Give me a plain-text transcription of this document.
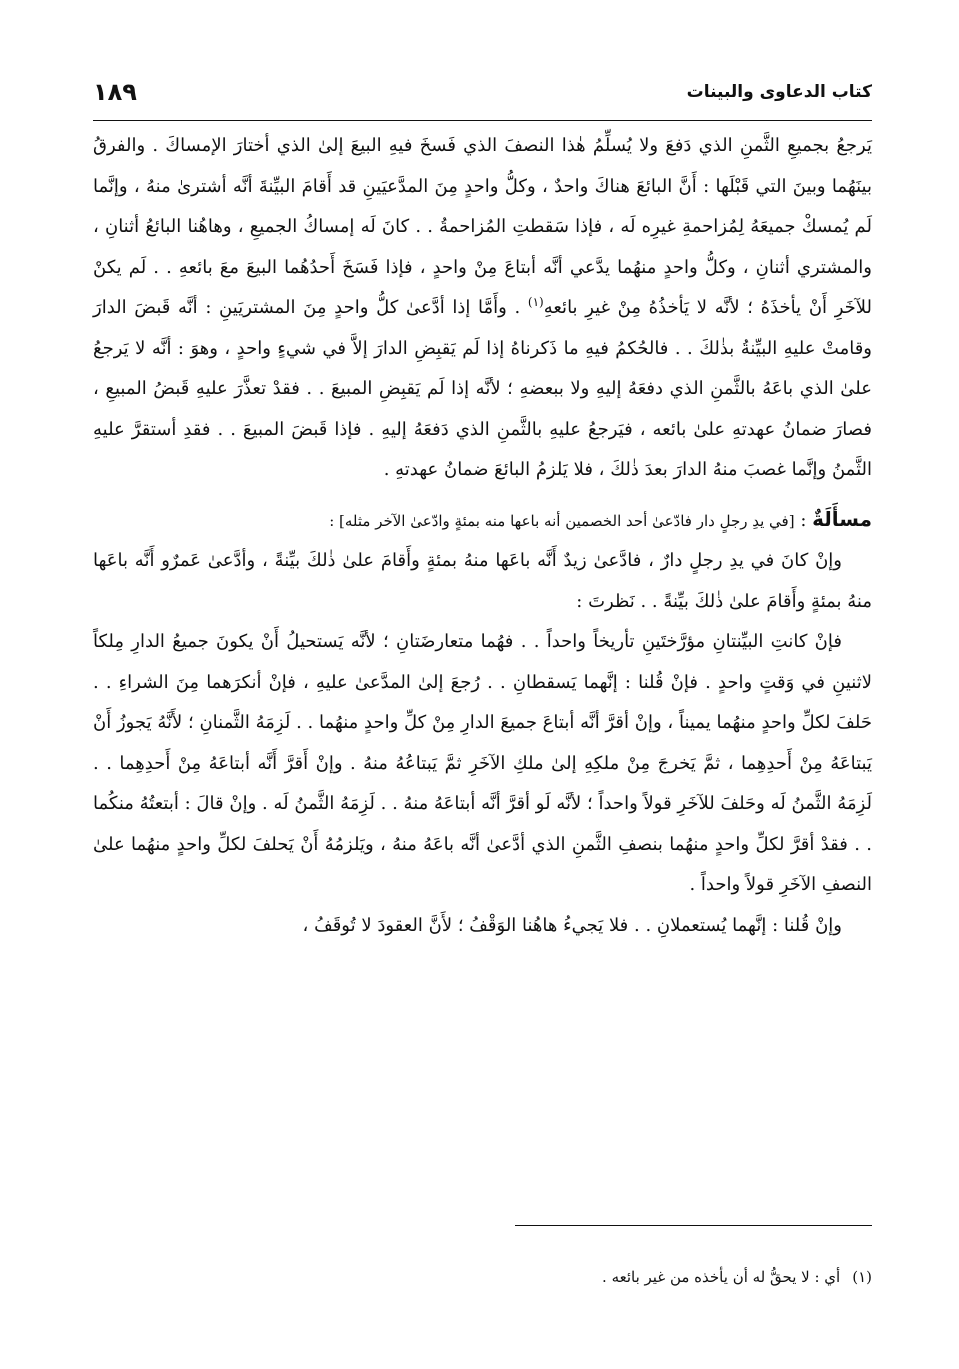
كتاب الدعاوى والبينات
١٨٩

يَرجعُ بجميعِ الثَّمنِ الذي دَفعَ ولا يُسلِّمُ هٰذا النصفَ الذي فَسخَ فيهِ البيعَ إلىٰ الذي أختارَ الإمساكَ . والفرقُ بينَهُما وبينَ التي قَبْلَها : أَنَّ البائعَ هناكَ واحدٌ ، وكلُّ واحدٍ مِنَ المدَّعيَينِ قد أَقامَ البيِّنةَ أنَّه أشترىٰ منهُ ، وإنَّما لَم يُمسكْ جميعَهُ لِمُزاحمةِ غيرِه لَه ، فإذا سَقطتِ المُزاحمةُ . . كانَ لَه إمساكُ الجميعِ ، وهاهُنا البائعُ أثنانِ ، والمشتري أثنانِ ، وكلُّ واحدٍ منهُما يدَّعي أنَّه أبتاعَ مِنْ واحدٍ ، فإذا فَسَخَ أَحدُهُما البيعَ معَ بائعهِ . . لَم يكنْ للآخَرِ أَنْ يأخذَهُ ؛ لأنَّه لا يَأخذُهُ مِنْ غيرِ بائعهِ$^{(١)}$ . وأَمَّا إذا أدَّعىٰ كلُّ واحدٍ مِنَ المشتريَينِ : أنَّه قَبضَ الدارَ وقامتْ عليهِ البيِّنةُ بذٰلكَ . . فالحُكمُ فيهِ ما ذَكرناهُ إذا لَم يَقبِضِ الدارَ إلاَّ في شيءٍ واحدٍ ، وهوَ : أنَّه لا يَرجعُ علىٰ الذي باعَهُ بالثَّمنِ الذي دفعَهُ إليهِ ولا ببعضهِ ؛ لأنَّه إذا لَم يَقبِضِ المبيعَ . . فقدْ تعذَّرَ عليهِ قَبضُ المبيعِ ، فصارَ ضمانُ عهدتهِ علىٰ بائعه ، فيَرجعُ عليهِ بالثَّمنِ الذي دَفعَهُ إليهِ . فإذا قَبضَ المبيعَ . . فقدِ أستقرَّ عليهِ الثَّمنُ وإنَّما غصبَ منهُ الدارَ بعدَ ذٰلكَ ، فلا يَلزمُ البائعَ ضمانُ عهدتهِ .

مسأَلَةٌ : [في يدِ رجلٍ دار فادّعىٰ أحد الخصمين أنه باعها منه بمئةٍ وادّعىٰ الآخر مثله] :

وإنْ كانَ في يدِ رجلٍ دارٌ ، فادَّعىٰ زيدٌ أَنَّه باعَها منهُ بمئةٍ وأَقامَ علىٰ ذٰلكَ بيِّنةً ، وأدَّعىٰ عَمرٌو أَنَّه باعَها منهُ بمئةٍ وأَقامَ علىٰ ذٰلكَ بيِّنةً . . نَظرتَ :

فإنْ كانتِ البيِّنتانِ مؤرَّختَينِ تأريخاً واحداً . . فهُما متعارضَتانِ ؛ لأنَّه يَستحيلُ أَنْ يكونَ جميعُ الدارِ مِلكاً لاثنينِ في وَقتٍ واحدٍ . فإنْ قُلنا : إنَّهما يَسقطانِ . . رُجعَ إلىٰ المدَّعىٰ عليهِ ، فإنْ أنكرَهما مِنَ الشراءِ . . حَلفَ لكلِّ واحدٍ منهُما يميناً ، وإنْ أقرَّ أنَّه أبتاعَ جميعَ الدارِ مِنْ كلِّ واحدٍ منهُما . . لَزِمَهُ الثَّمنانِ ؛ لأَنَّهُ يَجوزُ أَنْ يَبتاعَهُ مِنْ أَحدِهِما ، ثمَّ يَخرجَ مِنْ ملكِهِ إلىٰ ملكِ الآخَرِ ثمَّ يَبتاعُهُ منهُ . وإنْ أَقرَّ أَنَّه أبتاعَهُ مِنْ أَحدِهِما . . لَزِمَهُ الثَّمنُ لَه وحَلفَ للآخَرِ قولاً واحداً ؛ لأنَّه لَو أقرَّ أنَّه أبتاعَهُ منهُ . . لَزِمَهُ الثَّمنُ لَه . وإنْ قالَ : أبتعتُهُ منكُما . . فقدْ أقرَّ لكلِّ واحدٍ منهُما بنصفِ الثَّمنِ الذي أدَّعىٰ أنَّه باعَهُ منهُ ، ويَلزمُهُ أَنْ يَحلفَ لكلِّ واحدٍ منهُما علىٰ النصفِ الآخَرِ قولاً واحداً .

وإنْ قُلنا : إنَّهما يُستعملانِ . . فلا يَجيءُ هاهُنا الوَقْفُ ؛ لأَنَّ العقودَ لا تُوقَفُ ،

(١)أي : لا يحقُّ له أن يأخذه من غير بائعه .
